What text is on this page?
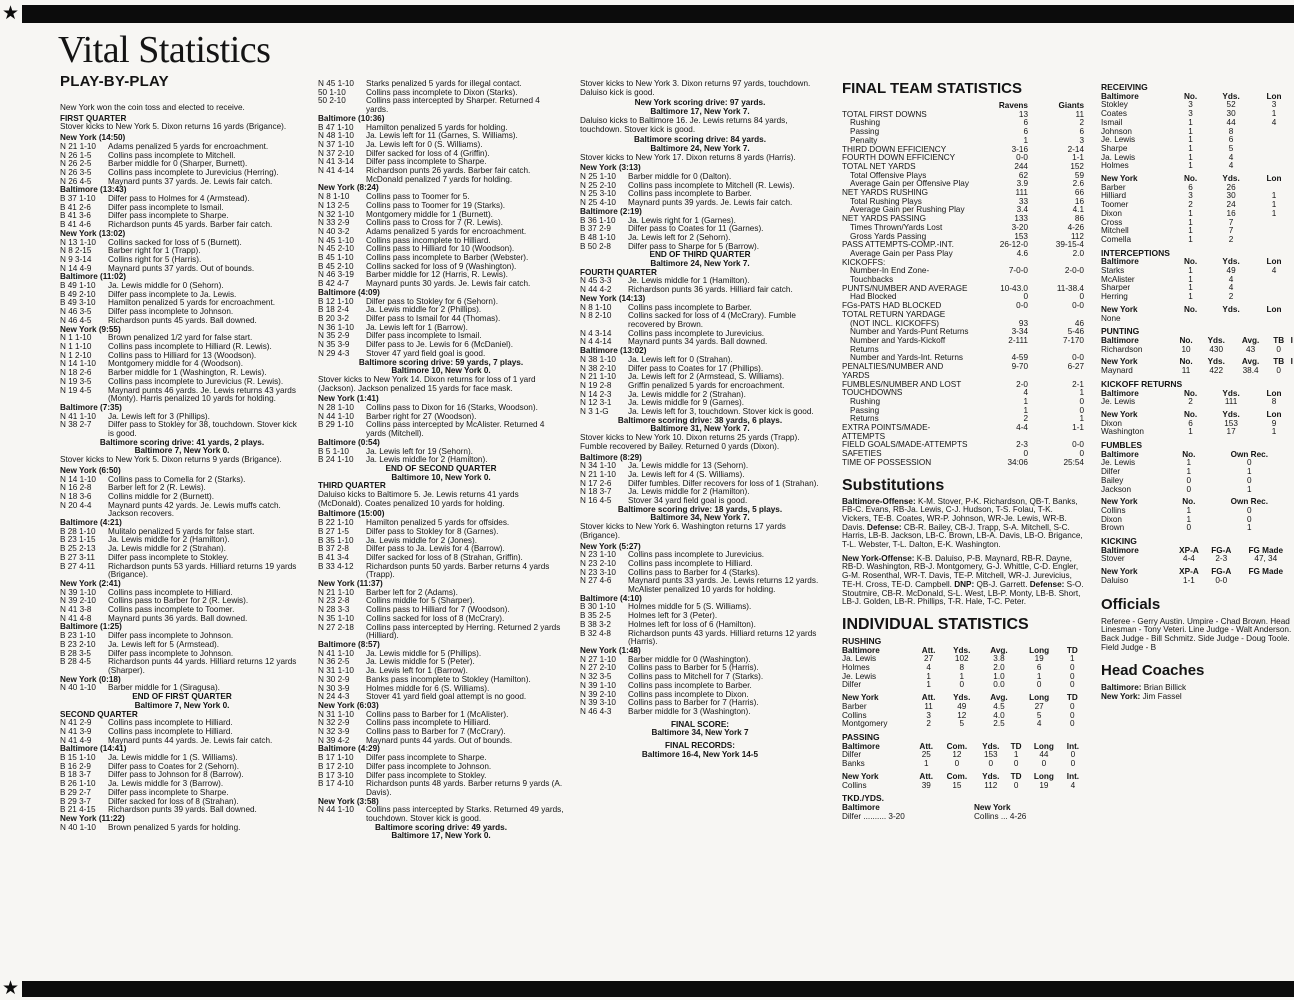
★
★
Vital Statistics
PLAY-BY-PLAY
New York won the coin toss and elected to receive.
FIRST QUARTER
Stover kicks to New York 5. Dixon returns 16 yards (Brigance).
New York (14:50)
N 21 1-10	Adams penalized 5 yards for encroachment.
N 26 1-5	Collins pass incomplete to Mitchell.
N 26 2-5	Barber middle for 0 (Sharper, Burnett).
N 26 3-5	Collins pass incomplete to Jurevicius (Herring).
N 26 4-5	Maynard punts 37 yards. Je. Lewis fair catch.
Baltimore (13:43)
B 37 1-10	Dilfer pass to Holmes for 4 (Armstead).
B 41 2-6	Dilfer pass incomplete to Ismail.
B 41 3-6	Dilfer pass incomplete to Sharpe.
B 41 4-6	Richardson punts 45 yards. Barber fair catch.
New York (13:02)
N 13 1-10	Collins sacked for loss of 5 (Burnett).
N 8 2-15	Barber right for 1 (Trapp).
N 9 3-14	Collins right for 5 (Harris).
N 14 4-9	Maynard punts 37 yards. Out of bounds.
Baltimore (11:02)
B 49 1-10	Ja. Lewis middle for 0 (Sehorn).
B 49 2-10	Dilfer pass incomplete to Ja. Lewis.
B 49 3-10	Hamilton penalized 5 yards for encroachment.
N 46 3-5	Dilfer pass incomplete to Johnson.
N 46 4-5	Richardson punts 45 yards. Ball downed.
New York (9:55)
N 1 1-10	Brown penalized 1/2 yard for false start.
N 1 1-10	Collins pass incomplete to Hilliard (R. Lewis).
N 1 2-10	Collins pass to Hilliard for 13 (Woodson).
N 14 1-10	Montgomery middle for 4 (Woodson).
N 18 2-6	Barber middle for 1 (Washington, R. Lewis).
N 19 3-5	Collins pass incomplete to Jurevicius (R. Lewis).
N 19 4-5	Maynard punts 46 yards. Je. Lewis returns 43 yards (Monty). Harris penalized 10 yards for holding.
Baltimore (7:35)
N 41 1-10	Ja. Lewis left for 3 (Phillips).
N 38 2-7	Dilfer pass to Stokley for 38, touchdown. Stover kick is good.
Baltimore scoring drive: 41 yards, 2 plays.
Baltimore 7, New York 0.
Stover kicks to New York 5. Dixon returns 9 yards (Brigance).
New York (6:50)
N 14 1-10	Collins pass to Comella for 2 (Starks).
N 16 2-8	Barber left for 2 (R. Lewis).
N 18 3-6	Collins middle for 2 (Burnett).
N 20 4-4	Maynard punts 42 yards. Je. Lewis muffs catch. Jackson recovers.
Baltimore (4:21)
B 28 1-10	Mulitalo penalized 5 yards for false start.
B 23 1-15	Ja. Lewis middle for 2 (Hamilton).
B 25 2-13	Ja. Lewis middle for 2 (Strahan).
B 27 3-11	Dilfer pass incomplete to Stokley.
B 27 4-11	Richardson punts 53 yards. Hilliard returns 19 yards (Brigance).
New York (2:41)
N 39 1-10	Collins pass incomplete to Hilliard.
N 39 2-10	Collins pass to Barber for 2 (R. Lewis).
N 41 3-8	Collins pass incomplete to Toomer.
N 41 4-8	Maynard punts 36 yards. Ball downed.
Baltimore (1:25)
B 23 1-10	Dilfer pass incomplete to Johnson.
B 23 2-10	Ja. Lewis left for 5 (Armstead).
B 28 3-5	Dilfer pass incomplete to Johnson.
B 28 4-5	Richardson punts 44 yards. Hilliard returns 12 yards (Sharper).
New York (0:18)
N 40 1-10	Barber middle for 1 (Siragusa).
END OF FIRST QUARTER
Baltimore 7, New York 0.
SECOND QUARTER
N 41 2-9	Collins pass incomplete to Hilliard.
N 41 3-9	Collins pass incomplete to Hilliard.
N 41 4-9	Maynard punts 44 yards. Je. Lewis fair catch.
Baltimore (14:41)
B 15 1-10	Ja. Lewis middle for 1 (S. Williams).
B 16 2-9	Dilfer pass to Coates for 2 (Sehorn).
B 18 3-7	Dilfer pass to Johnson for 8 (Barrow).
B 26 1-10	Ja. Lewis middle for 3 (Barrow).
B 29 2-7	Dilfer pass incomplete to Sharpe.
B 29 3-7	Dilfer sacked for loss of 8 (Strahan).
B 21 4-15	Richardson punts 39 yards. Ball downed.
New York (11:22)
N 40 1-10	Brown penalized 5 yards for holding.
N 45 1-10	Starks penalized 5 yards for illegal contact.
50 1-10	Collins pass incomplete to Dixon (Starks).
50 2-10	Collins pass intercepted by Sharper. Returned 4 yards.
Baltimore (10:36)
B 47 1-10	Hamilton penalized 5 yards for holding.
N 48 1-10	Ja. Lewis left for 11 (Garnes, S. Williams).
N 37 1-10	Ja. Lewis left for 0 (S. Williams).
N 37 2-10	Dilfer sacked for loss of 4 (Griffin).
N 41 3-14	Dilfer pass incomplete to Sharpe.
N 41 4-14	Richardson punts 26 yards. Barber fair catch. McDonald penalized 7 yards for holding.
New York (8:24)
N 8 1-10	Collins pass to Toomer for 5.
N 13 2-5	Collins pass to Toomer for 19 (Starks).
N 32 1-10	Montgomery middle for 1 (Burnett).
N 33 2-9	Collins pass to Cross for 7 (R. Lewis).
N 40 3-2	Adams penalized 5 yards for encroachment.
N 45 1-10	Collins pass incomplete to Hilliard.
N 45 2-10	Collins pass to Hilliard for 10 (Woodson).
B 45 1-10	Collins pass incomplete to Barber (Webster).
B 45 2-10	Collins sacked for loss of 9 (Washington).
N 46 3-19	Barber middle for 12 (Harris, R. Lewis).
B 42 4-7	Maynard punts 30 yards. Je. Lewis fair catch.
Baltimore (4:09)
B 12 1-10	Dilfer pass to Stokley for 6 (Sehorn).
B 18 2-4	Ja. Lewis middle for 2 (Phillips).
B 20 3-2	Dilfer pass to Ismail for 44 (Thomas).
N 36 1-10	Ja. Lewis left for 1 (Barrow).
N 35 2-9	Dilfer pass incomplete to Ismail.
N 35 3-9	Dilfer pass to Je. Lewis for 6 (McDaniel).
N 29 4-3	Stover 47 yard field goal is good.
Baltimore scoring drive: 59 yards, 7 plays.
Baltimore 10, New York 0.
Stover kicks to New York 14. Dixon returns for loss of 1 yard (Jackson). Jackson penalized 15 yards for face mask.
New York (1:41)
N 28 1-10	Collins pass to Dixon for 16 (Starks, Woodson).
N 44 1-10	Barber right for 27 (Woodson).
B 29 1-10	Collins pass intercepted by McAlister. Returned 4 yards (Mitchell).
Baltimore (0:54)
B 5 1-10	Ja. Lewis left for 19 (Sehorn).
B 24 1-10	Ja. Lewis middle for 2 (Hamilton).
END OF SECOND QUARTER
Baltimore 10, New York 0.
THIRD QUARTER
Daluiso kicks to Baltimore 5. Je. Lewis returns 41 yards (McDonald). Coates penalized 10 yards for holding.
Baltimore (15:00)
B 22 1-10	Hamilton penalized 5 yards for offsides.
B 27 1-5	Dilfer pass to Stokley for 8 (Garnes).
B 35 1-10	Ja. Lewis middle for 2 (Jones).
B 37 2-8	Dilfer pass to Ja. Lewis for 4 (Barrow).
B 41 3-4	Dilfer sacked for loss of 8 (Strahan, Griffin).
B 33 4-12	Richardson punts 50 yards. Barber returns 4 yards (Trapp).
New York (11:37)
N 21 1-10	Barber left for 2 (Adams).
N 23 2-8	Collins middle for 5 (Sharper).
N 28 3-3	Collins pass to Hilliard for 7 (Woodson).
N 35 1-10	Collins sacked for loss of 8 (McCrary).
N 27 2-18	Collins pass intercepted by Herring. Returned 2 yards (Hilliard).
Baltimore (8:57)
N 41 1-10	Ja. Lewis middle for 5 (Phillips).
N 36 2-5	Ja. Lewis middle for 5 (Peter).
N 31 1-10	Ja. Lewis left for 1 (Barrow).
N 30 2-9	Banks pass incomplete to Stokley (Hamilton).
N 30 3-9	Holmes middle for 6 (S. Williams).
N 24 4-3	Stover 41 yard field goal attempt is no good.
New York (6:03)
N 31 1-10	Collins pass to Barber for 1 (McAlister).
N 32 2-9	Collins pass incomplete to Hilliard.
N 32 3-9	Collins pass to Barber for 7 (McCrary).
N 39 4-2	Maynard punts 44 yards. Out of bounds.
Baltimore (4:29)
B 17 1-10	Dilfer pass incomplete to Sharpe.
B 17 2-10	Dilfer pass incomplete to Johnson.
B 17 3-10	Dilfer pass incomplete to Stokley.
B 17 4-10	Richardson punts 48 yards. Barber returns 9 yards (A. Davis).
New York (3:58)
N 44 1-10	Collins pass intercepted by Starks. Returned 49 yards, touchdown. Stover kick is good.
Baltimore scoring drive: 49 yards.
Baltimore 17, New York 0.
Stover kicks to New York 3. Dixon returns 97 yards, touchdown. Daluiso kick is good.
New York scoring drive: 97 yards.
Baltimore 17, New York 7.
Daluiso kicks to Baltimore 16. Je. Lewis returns 84 yards, touchdown. Stover kick is good.
Baltimore scoring drive: 84 yards.
Baltimore 24, New York 7.
Stover kicks to New York 17. Dixon returns 8 yards (Harris).
New York (3:13)
N 25 1-10	Barber middle for 0 (Dalton).
N 25 2-10	Collins pass incomplete to Mitchell (R. Lewis).
N 25 3-10	Collins pass incomplete to Barber.
N 25 4-10	Maynard punts 39 yards. Je. Lewis fair catch.
Baltimore (2:19)
B 36 1-10	Ja. Lewis right for 1 (Garnes).
B 37 2-9	Dilfer pass to Coates for 11 (Garnes).
B 48 1-10	Ja. Lewis left for 2 (Sehorn).
B 50 2-8	Dilfer pass to Sharpe for 5 (Barrow).
END OF THIRD QUARTER
Baltimore 24, New York 7.
FOURTH QUARTER
N 45 3-3	Je. Lewis middle for 1 (Hamilton).
N 44 4-2	Richardson punts 36 yards. Hilliard fair catch.
New York (14:13)
N 8 1-10	Collins pass incomplete to Barber.
N 8 2-10	Collins sacked for loss of 4 (McCrary). Fumble recovered by Brown.
N 4 3-14	Collins pass incomplete to Jurevicius.
N 4 4-14	Maynard punts 34 yards. Ball downed.
Baltimore (13:02)
N 38 1-10	Ja. Lewis left for 0 (Strahan).
N 38 2-10	Dilfer pass to Coates for 17 (Phillips).
N 21 1-10	Ja. Lewis left for 2 (Armstead, S. Williams).
N 19 2-8	Griffin penalized 5 yards for encroachment.
N 14 2-3	Ja. Lewis middle for 2 (Strahan).
N 12 3-1	Ja. Lewis middle for 9 (Garnes).
N 3 1-G	Ja. Lewis left for 3, touchdown. Stover kick is good.
Baltimore scoring drive: 38 yards, 6 plays.
Baltimore 31, New York 7.
Stover kicks to New York 10. Dixon returns 25 yards (Trapp). Fumble recovered by Bailey. Returned 0 yards (Dixon).
Baltimore (8:29)
N 34 1-10	Ja. Lewis middle for 13 (Sehorn).
N 21 1-10	Ja. Lewis left for 4 (S. Williams).
N 17 2-6	Dilfer fumbles. Dilfer recovers for loss of 1 (Strahan).
N 18 3-7	Ja. Lewis middle for 2 (Hamilton).
N 16 4-5	Stover 34 yard field goal is good.
Baltimore scoring drive: 18 yards, 5 plays.
Baltimore 34, New York 7.
Stover kicks to New York 6. Washington returns 17 yards (Brigance).
New York (5:27)
N 23 1-10	Collins pass incomplete to Jurevicius.
N 23 2-10	Collins pass incomplete to Hilliard.
N 23 3-10	Collins pass to Barber for 4 (Starks).
N 27 4-6	Maynard punts 33 yards. Je. Lewis returns 12 yards. McAlister penalized 10 yards for holding.
Baltimore (4:10)
B 30 1-10	Holmes middle for 5 (S. Williams).
B 35 2-5	Holmes left for 3 (Peter).
B 38 3-2	Holmes left for loss of 6 (Hamilton).
B 32 4-8	Richardson punts 43 yards. Hilliard returns 12 yards (Harris).
New York (1:48)
N 27 1-10	Barber middle for 0 (Washington).
N 27 2-10	Collins pass to Barber for 5 (Harris).
N 32 3-5	Collins pass to Mitchell for 7 (Starks).
N 39 1-10	Collins pass incomplete to Barber.
N 39 2-10	Collins pass incomplete to Dixon.
N 39 3-10	Collins pass to Barber for 7 (Harris).
N 46 4-3	Barber middle for 3 (Washington).
FINAL SCORE:
Baltimore 34, New York 7
FINAL RECORDS:
Baltimore 16-4, New York 14-5
FINAL TEAM STATISTICS
	Ravens	Giants
TOTAL FIRST DOWNS	13	11
Rushing	6	2
Passing	6	6
Penalty	1	3
THIRD DOWN EFFICIENCY	3-16	2-14
FOURTH DOWN EFFICIENCY	0-0	1-1
TOTAL NET YARDS	244	152
Total Offensive Plays	62	59
Average Gain per Offensive Play	3.9	2.6
NET YARDS RUSHING	111	66
Total Rushing Plays	33	16
Average Gain per Rushing Play	3.4	4.1
NET YARDS PASSING	133	86
Times Thrown/Yards Lost	3-20	4-26
Gross Yards Passing	153	112
PASS ATTEMPTS-COMP.-INT.	26-12-0	39-15-4
Average Gain per Pass Play	4.6	2.0
KICKOFFS:		
Number-In End Zone-Touchbacks	7-0-0	2-0-0
PUNTS/NUMBER AND AVERAGE	10-43.0	11-38.4
Had Blocked	0	0
FGs-PATS HAD BLOCKED	0-0	0-0
TOTAL RETURN YARDAGE		
(NOT INCL. KICKOFFS)	93	46
Number and Yards-Punt Returns	3-34	5-46
Number and Yards-Kickoff Returns	2-111	7-170
Number and Yards-Int. Returns	4-59	0-0
PENALTIES/NUMBER AND YARDS	9-70	6-27
FUMBLES/NUMBER AND LOST	2-0	2-1
TOUCHDOWNS	4	1
Rushing	1	0
Passing	1	0
Returns	2	1
EXTRA POINTS/MADE-ATTEMPTS	4-4	1-1
FIELD GOALS/MADE-ATTEMPTS	2-3	0-0
SAFETIES	0	0
TIME OF POSSESSION	34:06	25:54
Substitutions
Baltimore-Offense: K-M. Stover, P-K. Richardson, QB-T. Banks, FB-C. Evans, RB-Ja. Lewis, C-J. Hudson, T-S. Folau, T-K. Vickers, TE-B. Coates, WR-P. Johnson, WR-Je. Lewis, WR-B. Davis. Defense: CB-R. Bailey, CB-J. Trapp, S-A. Mitchell, S-C. Harris, LB-B. Jackson, LB-C. Brown, LB-A. Davis, LB-O. Brigance, T-L. Webster, T-L. Dalton, E-K. Washington.
New York-Offense: K-B. Daluiso, P-B. Maynard, RB-R. Dayne, RB-D. Washington, RB-J. Montgomery, G-J. Whittle, C-D. Engler, G-M. Rosenthal, WR-T. Davis, TE-P. Mitchell, WR-J. Jurevicius, TE-H. Cross, TE-D. Campbell. DNP: QB-J. Garrett. Defense: S-O. Stoutmire, CB-R. McDonald, S-L. West, LB-P. Monty, LB-B. Short, LB-J. Golden, LB-R. Phillips, T-R. Hale, T-C. Peter.
INDIVIDUAL STATISTICS
RUSHING
Baltimore	Att.	Yds.	Avg.	Long	TD
Ja. Lewis	27	102	3.8	19	1
Holmes	4	8	2.0	6	0
Je. Lewis	1	1	1.0	1	0
Dilfer	1	0	0.0	0	0
New York	Att.	Yds.	Avg.	Long	TD
Barber	11	49	4.5	27	0
Collins	3	12	4.0	5	0
Montgomery	2	5	2.5	4	0
PASSING
Baltimore	Att.	Com.	Yds.	TD	Long	Int.
Dilfer	25	12	153	1	44	0
Banks	1	0	0	0	0	0
New York	Att.	Com.	Yds.	TD	Long	Int.
Collins	39	15	112	0	19	4
TKD./YDS.
Baltimore	New York
Dilfer .......... 3-20	Collins ... 4-26
RECEIVING
Baltimore	No.	Yds.	Lon
Stokley	3	52	3
Coates	3	30	1
Ismail	1	44	4
Johnson	1	8	
Je. Lewis	1	6	
Sharpe	1	5	
Ja. Lewis	1	4	
Holmes	1	4	
New York	No.	Yds.	Lon
Barber	6	26	
Hilliard	3	30	1
Toomer	2	24	1
Dixon	1	16	1
Cross	1	7	
Mitchell	1	7	
Comella	1	2	
INTERCEPTIONS
Baltimore	No.	Yds.	Lon
Starks	1	49	4
McAlister	1	4	
Sharper	1	4	
Herring	1	2	
New York	No.	Yds.	Lon
None			
PUNTING
Baltimore	No.	Yds.	Avg.	TB	I
Richardson	10	430	43	0	
New York	No.	Yds.	Avg.	TB	I
Maynard	11	422	38.4	0	
KICKOFF RETURNS
Baltimore	No.	Yds.	Lon
Je. Lewis	2	111	8
New York	No.	Yds.	Lon
Dixon	6	153	9
Washington	1	17	1
FUMBLES
Baltimore	No.	Own Rec.
Je. Lewis	1	0
Dilfer	1	1
Bailey	0	0
Jackson	0	1
New York	No.	Own Rec.
Collins	1	0
Dixon	1	0
Brown	0	1
KICKING
Baltimore	XP-A	FG-A	FG Made
Stover	4-4	2-3	47, 34
New York	XP-A	FG-A	FG Made
Daluiso	1-1	0-0	
Officials
Referee - Gerry Austin. Umpire - Chad Brown. Head Linesman - Tony Veteri. Line Judge - Walt Anderson. Back Judge - Bill Schmitz. Side Judge - Doug Toole. Field Judge - B
Head Coaches
Baltimore: Brian Billick
New York: Jim Fassel
